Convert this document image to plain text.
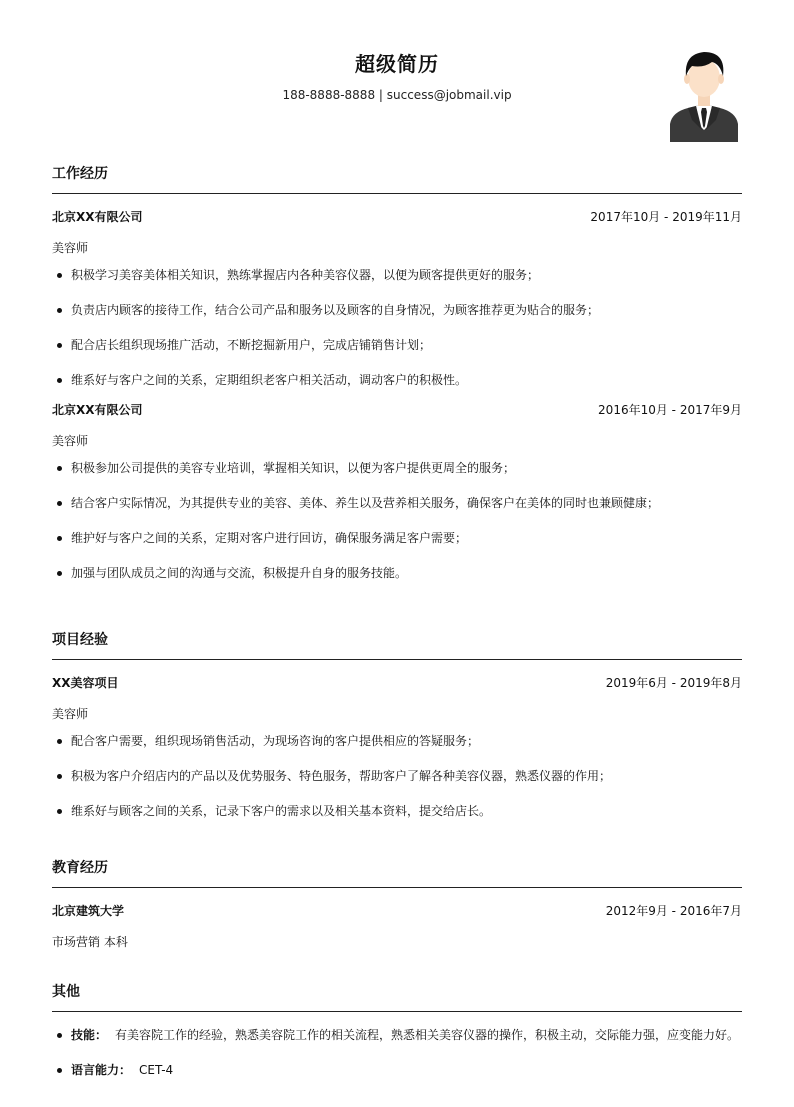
超级简历
188-8888-8888 | success@jobmail.vip
工作经历
北京XX有限公司	2017年10月 - 2019年11月
美容师
积极学习美容美体相关知识，熟练掌握店内各种美容仪器，以便为顾客提供更好的服务；
负责店内顾客的接待工作，结合公司产品和服务以及顾客的自身情况，为顾客推荐更为贴合的服务；
配合店长组织现场推广活动，不断挖掘新用户，完成店铺销售计划；
维系好与客户之间的关系，定期组织老客户相关活动，调动客户的积极性。
北京XX有限公司	2016年10月 - 2017年9月
美容师
积极参加公司提供的美容专业培训，掌握相关知识，以便为客户提供更周全的服务；
结合客户实际情况，为其提供专业的美容、美体、养生以及营养相关服务，确保客户在美体的同时也兼顾健康；
维护好与客户之间的关系，定期对客户进行回访，确保服务满足客户需要；
加强与团队成员之间的沟通与交流，积极提升自身的服务技能。
项目经验
XX美容项目	2019年6月 - 2019年8月
美容师
配合客户需要，组织现场销售活动，为现场咨询的客户提供相应的答疑服务；
积极为客户介绍店内的产品以及优势服务、特色服务，帮助客户了解各种美容仪器，熟悉仪器的作用；
维系好与顾客之间的关系，记录下客户的需求以及相关基本资料，提交给店长。
教育经历
北京建筑大学	2012年9月 - 2016年7月
市场营销 本科
其他
技能： 有美容院工作的经验，熟悉美容院工作的相关流程，熟悉相关美容仪器的操作，积极主动，交际能力强，应变能力好。
语言能力： CET-4
